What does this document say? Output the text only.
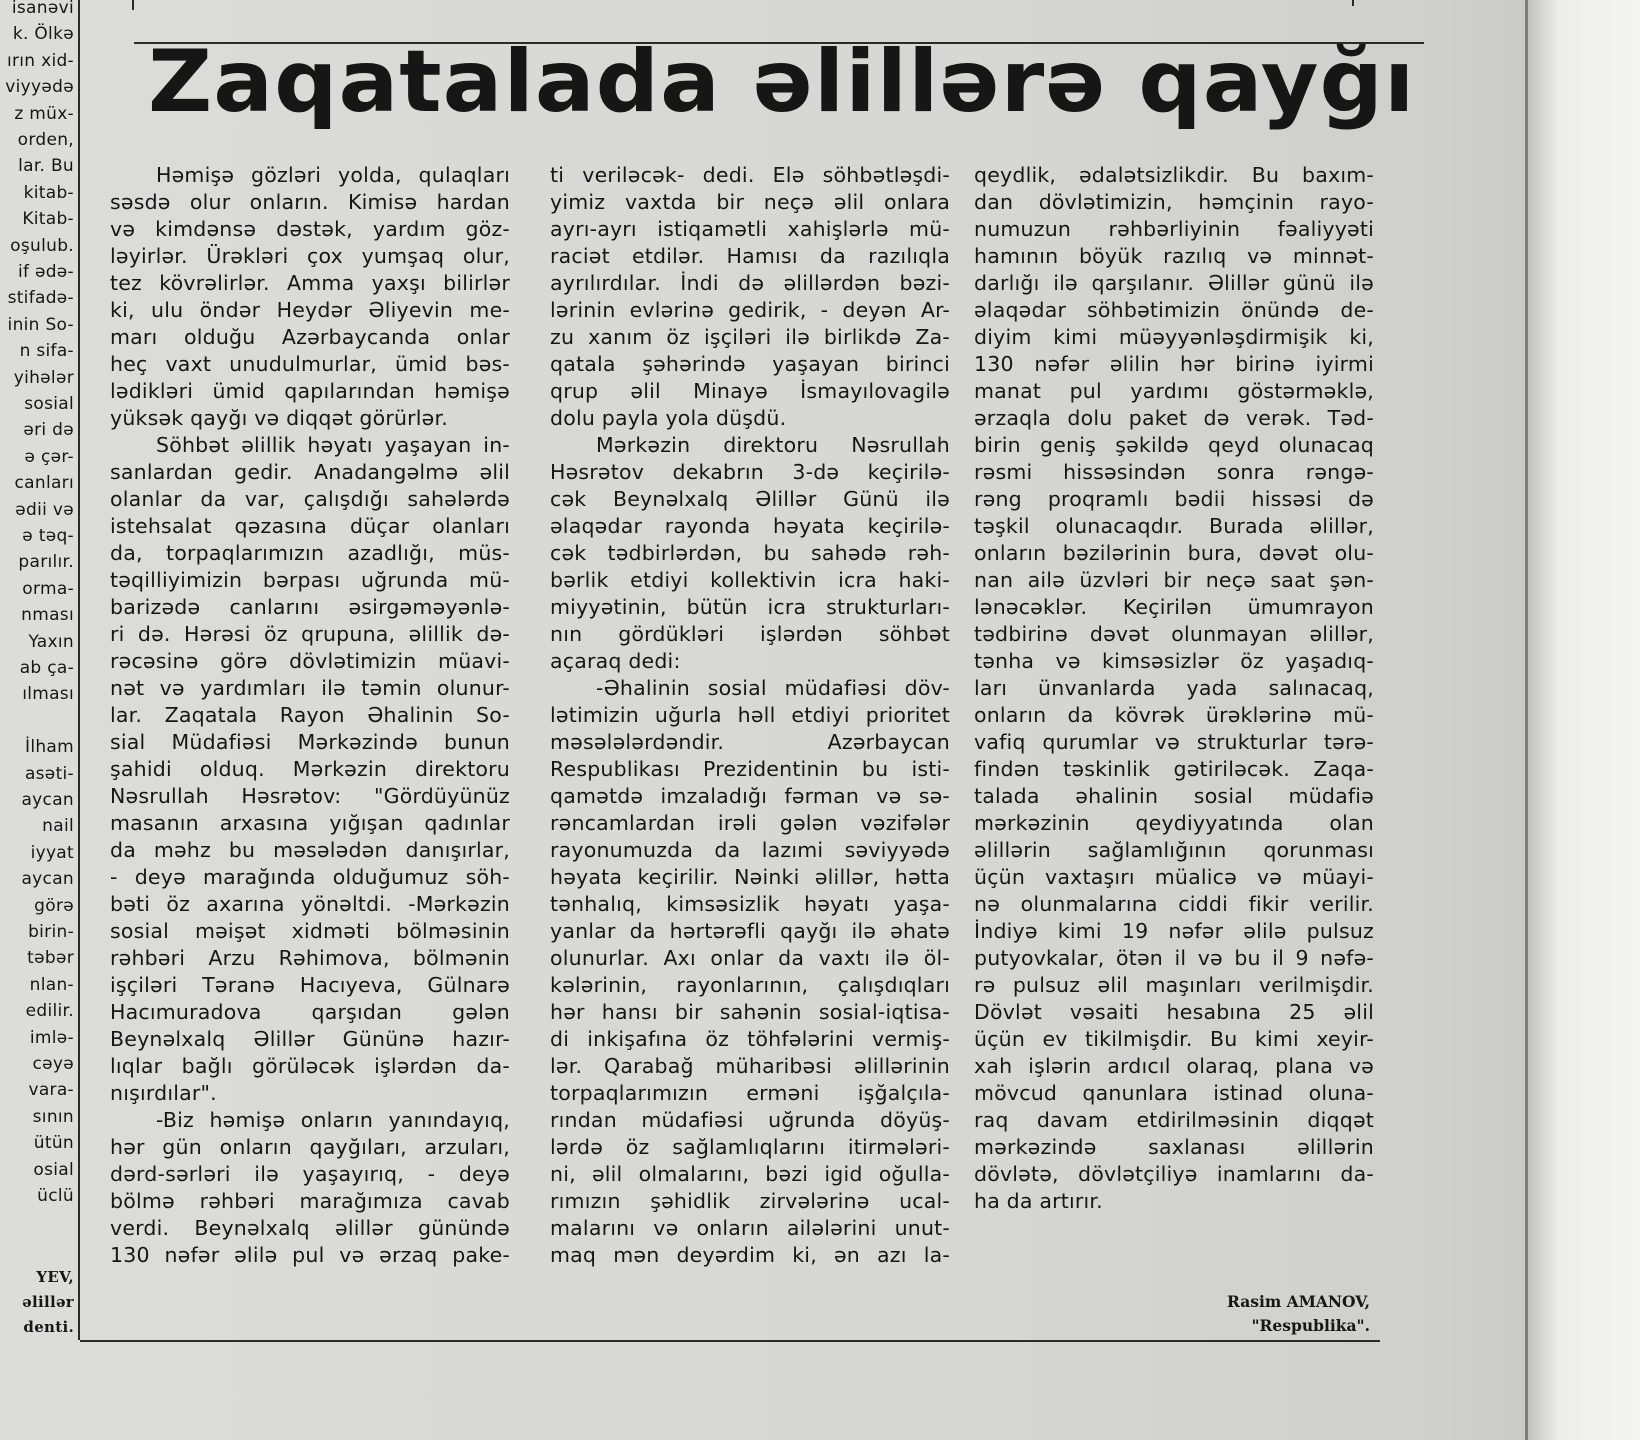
isanəvi
k. Ölkə
ırın xid-
viyyədə
z müx-
orden,
lar. Bu
kitab-
Kitab-
oşulub.
if ədə-
stifadə-
inin So-
n sifa-
yihələr
sosial
əri də
ə çər-
canları
ədii və
ə təq-
parılır.
orma-
nması
Yaxın
ab ça-
ılması
İlham
asəti-
aycan
nail
iyyat
aycan
görə
birin-
təbər
nlan-
edilir.
imlə-
cəyə
vara-
sının
ütün
osial
üclü
YEV,
əlillər
denti.
Zaqatalada əlillərə qayğı
Həmişə gözləri yolda, qulaqları
səsdə olur onların. Kimisə hardan
və kimdənsə dəstək, yardım göz-
ləyirlər. Ürəkləri çox yumşaq olur,
tez kövrəlirlər. Amma yaxşı bilirlər
ki, ulu öndər Heydər Əliyevin me-
marı olduğu Azərbaycanda onlar
heç vaxt unudulmurlar, ümid bəs-
lədikləri ümid qapılarından həmişə
yüksək qayğı və diqqət görürlər.
Söhbət əlillik həyatı yaşayan in-
sanlardan gedir. Anadangəlmə əlil
olanlar da var, çalışdığı sahələrdə
istehsalat qəzasına düçar olanları
da, torpaqlarımızın azadlığı, müs-
təqilliyimizin bərpası uğrunda mü-
barizədə canlarını əsirgəməyənlə-
ri də. Hərəsi öz qrupuna, əlillik də-
rəcəsinə görə dövlətimizin müavi-
nət və yardımları ilə təmin olunur-
lar. Zaqatala Rayon Əhalinin So-
sial Müdafiəsi Mərkəzində bunun
şahidi olduq. Mərkəzin direktoru
Nəsrullah Həsrətov: "Gördüyünüz
masanın arxasına yığışan qadınlar
da məhz bu məsələdən danışırlar,
- deyə marağında olduğumuz söh-
bəti öz axarına yönəltdi. -Mərkəzin
sosial məişət xidməti bölməsinin
rəhbəri Arzu Rəhimova, bölmənin
işçiləri Təranə Hacıyeva, Gülnarə
Hacımuradova qarşıdan gələn
Beynəlxalq Əlillər Gününə hazır-
lıqlar bağlı görüləcək işlərdən da-
nışırdılar".
-Biz həmişə onların yanındayıq,
hər gün onların qayğıları, arzuları,
dərd-sərləri ilə yaşayırıq, - deyə
bölmə rəhbəri marağımıza cavab
verdi. Beynəlxalq əlillər günündə
130 nəfər əlilə pul və ərzaq pake-
ti veriləcək- dedi. Elə söhbətləşdi-
yimiz vaxtda bir neçə əlil onlara
ayrı-ayrı istiqamətli xahişlərlə mü-
raciət etdilər. Hamısı da razılıqla
ayrılırdılar. İndi də əlillərdən bəzi-
lərinin evlərinə gedirik, - deyən Ar-
zu xanım öz işçiləri ilə birlikdə Za-
qatala şəhərində yaşayan birinci
qrup əlil Minayə İsmayılovagilə
dolu payla yola düşdü.
Mərkəzin direktoru Nəsrullah
Həsrətov dekabrın 3-də keçirilə-
cək Beynəlxalq Əlillər Günü ilə
əlaqədar rayonda həyata keçirilə-
cək tədbirlərdən, bu sahədə rəh-
bərlik etdiyi kollektivin icra haki-
miyyətinin, bütün icra strukturları-
nın gördükləri işlərdən söhbət
açaraq dedi:
-Əhalinin sosial müdafiəsi döv-
lətimizin uğurla həll etdiyi prioritet
məsələlərdəndir. Azərbaycan
Respublikası Prezidentinin bu isti-
qamətdə imzaladığı fərman və sə-
rəncamlardan irəli gələn vəzifələr
rayonumuzda da lazımi səviyyədə
həyata keçirilir. Nəinki əlillər, hətta
tənhalıq, kimsəsizlik həyatı yaşa-
yanlar da hərtərəfli qayğı ilə əhatə
olunurlar. Axı onlar da vaxtı ilə öl-
kələrinin, rayonlarının, çalışdıqları
hər hansı bir sahənin sosial-iqtisa-
di inkişafına öz töhfələrini vermiş-
lər. Qarabağ müharibəsi əlillərinin
torpaqlarımızın erməni işğalçıla-
rından müdafiəsi uğrunda döyüş-
lərdə öz sağlamlıqlarını itirmələri-
ni, əlil olmalarını, bəzi igid oğulla-
rımızın şəhidlik zirvələrinə ucal-
malarını və onların ailələrini unut-
maq mən deyərdim ki, ən azı la-
qeydlik, ədalətsizlikdir. Bu baxım-
dan dövlətimizin, həmçinin rayo-
numuzun rəhbərliyinin fəaliyyəti
hamının böyük razılıq və minnət-
darlığı ilə qarşılanır. Əlillər günü ilə
əlaqədar söhbətimizin önündə de-
diyim kimi müəyyənləşdirmişik ki,
130 nəfər əlilin hər birinə iyirmi
manat pul yardımı göstərməklə,
ərzaqla dolu paket də verək. Təd-
birin geniş şəkildə qeyd olunacaq
rəsmi hissəsindən sonra rəngə-
rəng proqramlı bədii hissəsi də
təşkil olunacaqdır. Burada əlillər,
onların bəzilərinin bura, dəvət olu-
nan ailə üzvləri bir neçə saat şən-
lənəcəklər. Keçirilən ümumrayon
tədbirinə dəvət olunmayan əlillər,
tənha və kimsəsizlər öz yaşadıq-
ları ünvanlarda yada salınacaq,
onların da kövrək ürəklərinə mü-
vafiq qurumlar və strukturlar tərə-
findən təskinlik gətiriləcək. Zaqa-
talada əhalinin sosial müdafiə
mərkəzinin qeydiyyatında olan
əlillərin sağlamlığının qorunması
üçün vaxtaşırı müalicə və müayi-
nə olunmalarına ciddi fikir verilir.
İndiyə kimi 19 nəfər əlilə pulsuz
putyovkalar, ötən il və bu il 9 nəfə-
rə pulsuz əlil maşınları verilmişdir.
Dövlət vəsaiti hesabına 25 əlil
üçün ev tikilmişdir. Bu kimi xeyir-
xah işlərin ardıcıl olaraq, plana və
mövcud qanunlara istinad oluna-
raq davam etdirilməsinin diqqət
mərkəzində saxlanası əlillərin
dövlətə, dövlətçiliyə inamlarını da-
ha da artırır.
Rasim AMANOV,
"Respublika".
